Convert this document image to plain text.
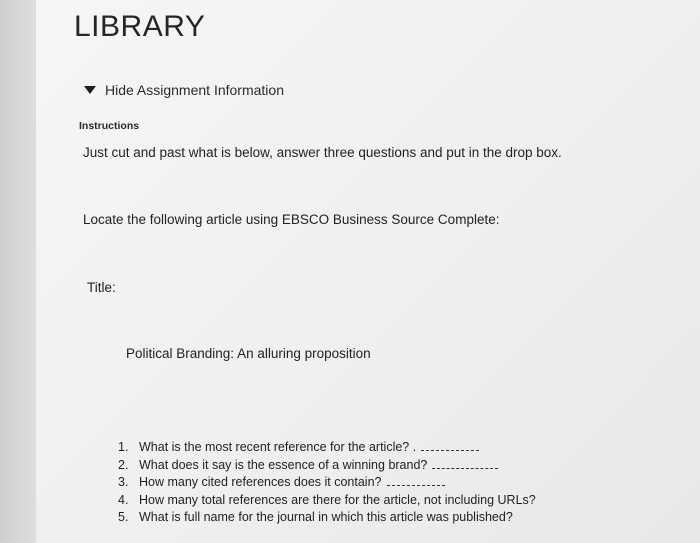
LIBRARY
Hide Assignment Information
Instructions
Just cut and past what is below, answer three questions and put in the drop box.
Locate the following article using EBSCO Business Source Complete:
Title:
Political Branding: An alluring proposition
1. What is the most recent reference for the article? .
2. What does it say is the essence of a winning brand?
3. How many cited references does it contain?
4. How many total references are there for the article, not including URLs?
5. What is full name for the journal in which this article was published?
